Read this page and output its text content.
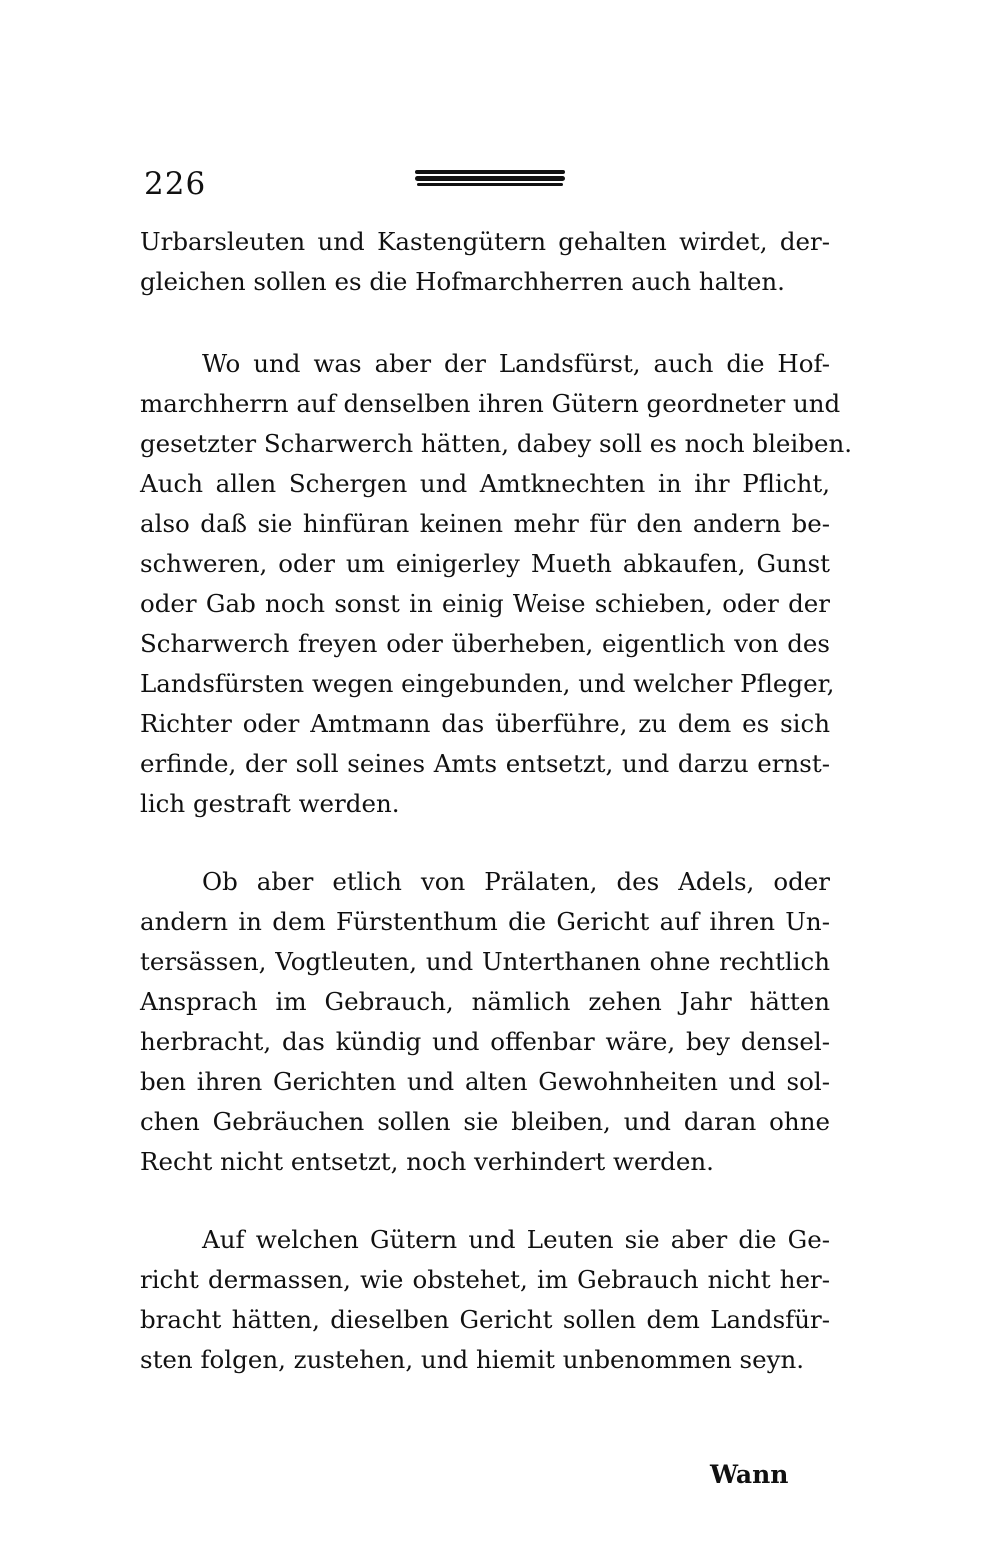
226
Urbarsleuten und Kastengütern gehalten wirdet, der-
gleichen sollen es die Hofmarchherren auch halten.
Wo und was aber der Landsfürst, auch die Hof-
marchherrn auf denselben ihren Gütern geordneter und
gesetzter Scharwerch hätten, dabey soll es noch bleiben.
Auch allen Schergen und Amtknechten in ihr Pflicht,
also daß sie hinfüran keinen mehr für den andern be-
schweren, oder um einigerley Mueth abkaufen, Gunst
oder Gab noch sonst in einig Weise schieben, oder der
Scharwerch freyen oder überheben, eigentlich von des
Landsfürsten wegen eingebunden, und welcher Pfleger,
Richter oder Amtmann das überführe, zu dem es sich
erfinde, der soll seines Amts entsetzt, und darzu ernst-
lich gestraft werden.
Ob aber etlich von Prälaten, des Adels, oder
andern in dem Fürstenthum die Gericht auf ihren Un-
tersässen, Vogtleuten, und Unterthanen ohne rechtlich
Ansprach im Gebrauch, nämlich zehen Jahr hätten
herbracht, das kündig und offenbar wäre, bey densel-
ben ihren Gerichten und alten Gewohnheiten und sol-
chen Gebräuchen sollen sie bleiben, und daran ohne
Recht nicht entsetzt, noch verhindert werden.
Auf welchen Gütern und Leuten sie aber die Ge-
richt dermassen, wie obstehet, im Gebrauch nicht her-
bracht hätten, dieselben Gericht sollen dem Landsfür-
sten folgen, zustehen, und hiemit unbenommen seyn.
Wann
